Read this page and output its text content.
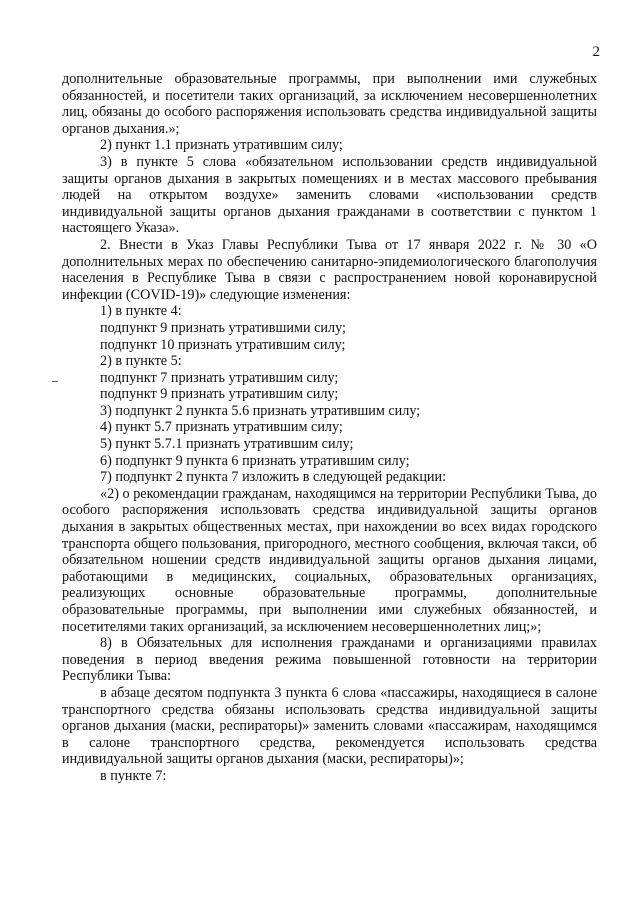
2

дополнительные образовательные программы, при выполнении ими служебных обязанностей, и посетители таких организаций, за исключением несовершеннолетних лиц, обязаны до особого распоряжения использовать средства индивидуальной защиты органов дыхания.»;

2) пункт 1.1 признать утратившим силу;

3) в пункте 5 слова «обязательном использовании средств индивидуальной защиты органов дыхания в закрытых помещениях и в местах массового пребывания людей на открытом воздухе» заменить словами «использовании средств индивидуальной защиты органов дыхания гражданами в соответствии с пунктом 1 настоящего Указа».

2. Внести в Указ Главы Республики Тыва от 17 января 2022 г. № 30 «О дополнительных мерах по обеспечению санитарно-эпидемиологического благополучия населения в Республике Тыва в связи с распространением новой коронавирусной инфекции (COVID-19)» следующие изменения:

1) в пункте 4:

подпункт 9 признать утратившими силу;

подпункт 10 признать утратившим силу;

2) в пункте 5:

подпункт 7 признать утратившим силу;

подпункт 9 признать утратившим силу;

3) подпункт 2 пункта 5.6 признать утратившим силу;

4) пункт 5.7 признать утратившим силу;

5) пункт 5.7.1 признать утратившим силу;

6) подпункт 9 пункта 6 признать утратившим силу;

7) подпункт 2 пункта 7 изложить в следующей редакции:

«2) о рекомендации гражданам, находящимся на территории Республики Тыва, до особого распоряжения использовать средства индивидуальной защиты органов дыхания в закрытых общественных местах, при нахождении во всех видах городского транспорта общего пользования, пригородного, местного сообщения, включая такси, об обязательном ношении средств индивидуальной защиты органов дыхания лицами, работающими в медицинских, социальных, образовательных организациях, реализующих основные образовательные программы, дополнительные образовательные программы, при выполнении ими служебных обязанностей, и посетителями таких организаций, за исключением несовершеннолетних лиц;»;

8) в Обязательных для исполнения гражданами и организациями правилах поведения в период введения режима повышенной готовности на территории Республики Тыва:

в абзаце десятом подпункта 3 пункта 6 слова «пассажиры, находящиеся в салоне транспортного средства обязаны использовать средства индивидуальной защиты органов дыхания (маски, респираторы)» заменить словами «пассажирам, находящимся в салоне транспортного средства, рекомендуется использовать средства индивидуальной защиты органов дыхания (маски, респираторы)»;

в пункте 7:
